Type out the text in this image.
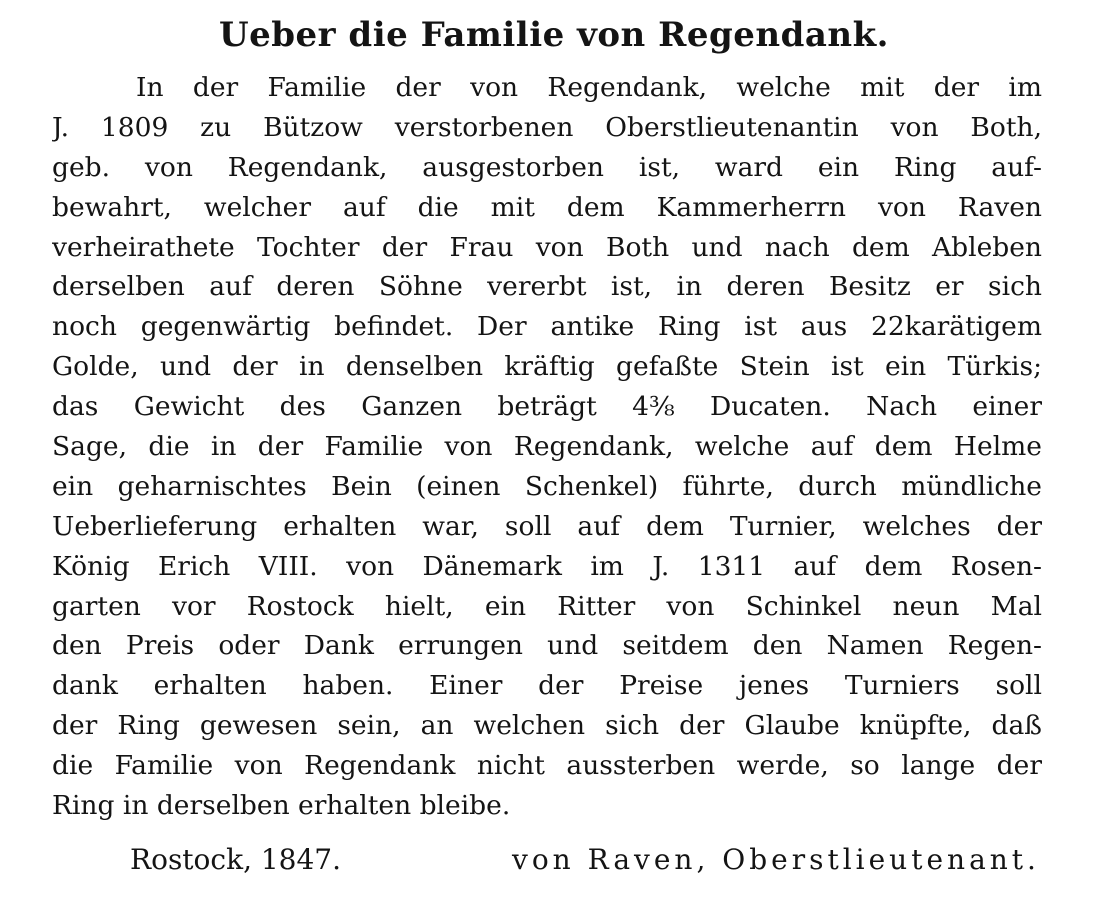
Ueber die Familie von Regendank.
In der Familie der von Regendank, welche mit der im
J. 1809 zu Bützow verstorbenen Oberstlieutenantin von Both,
geb. von Regendank, ausgestorben ist, ward ein Ring auf-
bewahrt, welcher auf die mit dem Kammerherrn von Raven
verheirathete Tochter der Frau von Both und nach dem Ableben
derselben auf deren Söhne vererbt ist, in deren Besitz er sich
noch gegenwärtig befindet. Der antike Ring ist aus 22karätigem
Golde, und der in denselben kräftig gefaßte Stein ist ein Türkis;
das Gewicht des Ganzen beträgt 4⅜ Ducaten. Nach einer
Sage, die in der Familie von Regendank, welche auf dem Helme
ein geharnischtes Bein (einen Schenkel) führte, durch mündliche
Ueberlieferung erhalten war, soll auf dem Turnier, welches der
König Erich VIII. von Dänemark im J. 1311 auf dem Rosen-
garten vor Rostock hielt, ein Ritter von Schinkel neun Mal
den Preis oder Dank errungen und seitdem den Namen Regen-
dank erhalten haben. Einer der Preise jenes Turniers soll
der Ring gewesen sein, an welchen sich der Glaube knüpfte, daß
die Familie von Regendank nicht aussterben werde, so lange der
Ring in derselben erhalten bleibe.
Rostock, 1847.	von Raven, Oberstlieutenant.
